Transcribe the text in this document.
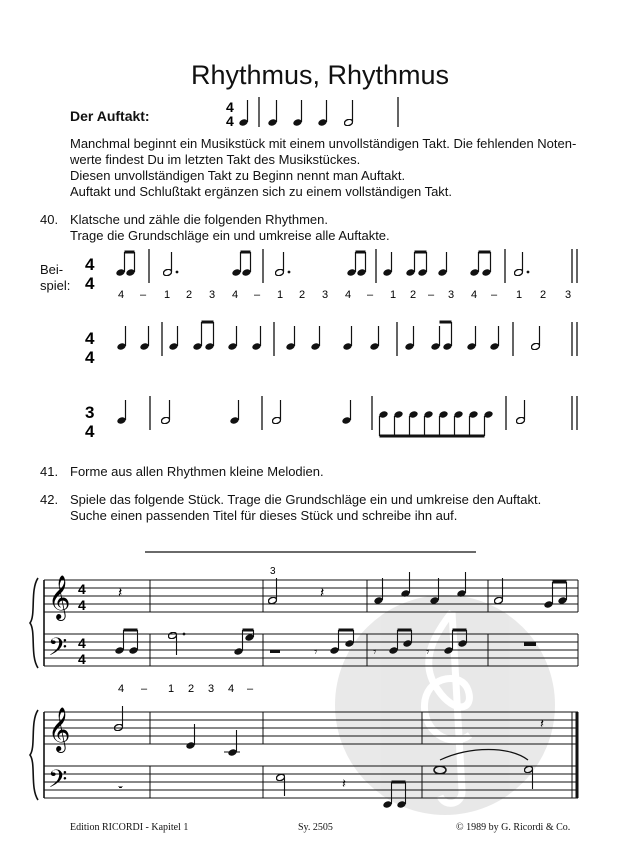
Rhythmus, Rhythmus
Der Auftakt:
Manchmal beginnt ein Musikstück mit einem unvollständigen Takt. Die fehlenden Noten-
werte findest Du im letzten Takt des Musikstückes.
Diesen unvollständigen Takt zu Beginn nennt man Auftakt.
Auftakt und Schlußtakt ergänzen sich zu einem vollständigen Takt.
40. Klatsche und zähle die folgenden Rhythmen.
Trage die Grundschläge ein und umkreise alle Auftakte.
Bei-
spiel:
41. Forme aus allen Rhythmen kleine Melodien.
42. Spiele das folgende Stück. Trage die Grundschläge ein und umkreise den Auftakt.
Suche einen passenden Titel für dieses Stück und schreibe ihn auf.
Edition RICORDI - Kapitel 1	Sy. 2505	© 1989 by G. Ricordi & Co.
4
4
4
4
4 – 1 2 3 4 – 1 2 3 4 – 1 2 – 3 4 – 1 2 3
4
4
3
4
𝄞
𝄢
4
4
4
4
𝄽
3
𝄽
𝄾	𝄾	𝄾
4 – 1 2 3 4 –
𝄞
𝄢	𝄻	𝄽
𝄽
